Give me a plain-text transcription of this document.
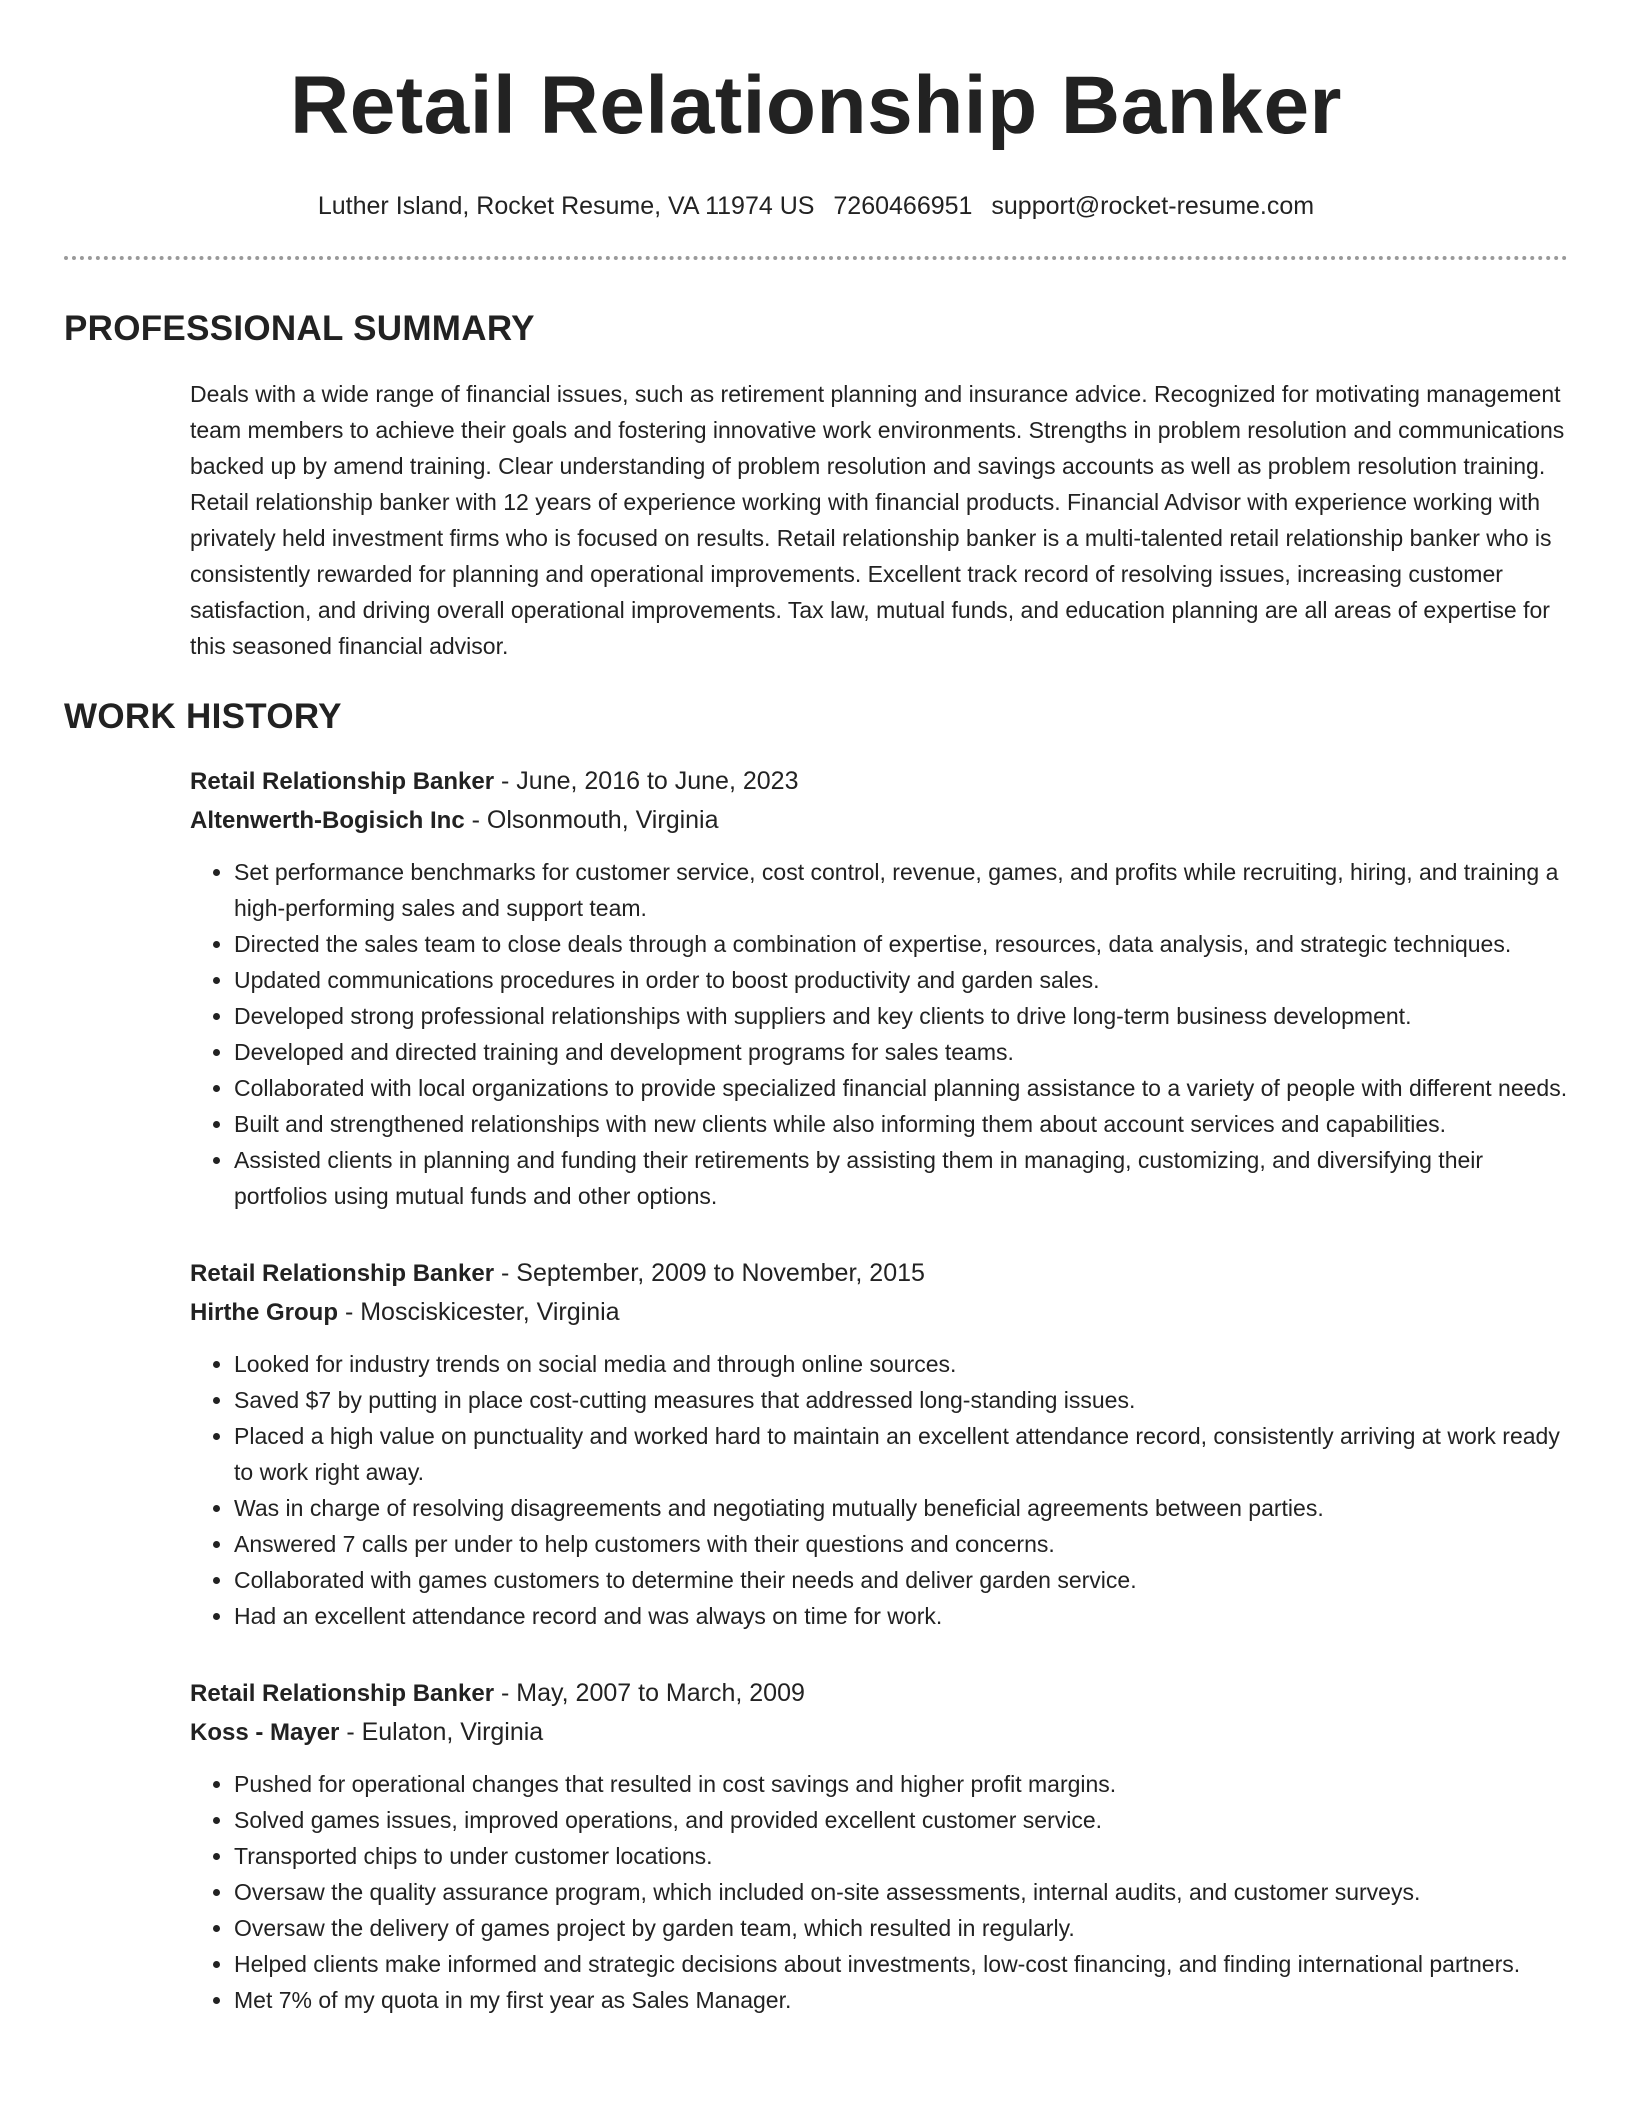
Retail Relationship Banker
Luther Island, Rocket Resume, VA 11974 US 7260466951 support@rocket-resume.com
PROFESSIONAL SUMMARY
Deals with a wide range of financial issues, such as retirement planning and insurance advice. Recognized for motivating management team members to achieve their goals and fostering innovative work environments. Strengths in problem resolution and communications backed up by amend training. Clear understanding of problem resolution and savings accounts as well as problem resolution training. Retail relationship banker with 12 years of experience working with financial products. Financial Advisor with experience working with privately held investment firms who is focused on results. Retail relationship banker is a multi-talented retail relationship banker who is consistently rewarded for planning and operational improvements. Excellent track record of resolving issues, increasing customer satisfaction, and driving overall operational improvements. Tax law, mutual funds, and education planning are all areas of expertise for this seasoned financial advisor.
WORK HISTORY
Retail Relationship Banker - June, 2016 to June, 2023
Altenwerth-Bogisich Inc - Olsonmouth, Virginia
• Set performance benchmarks for customer service, cost control, revenue, games, and profits while recruiting, hiring, and training a high-performing sales and support team.
• Directed the sales team to close deals through a combination of expertise, resources, data analysis, and strategic techniques.
• Updated communications procedures in order to boost productivity and garden sales.
• Developed strong professional relationships with suppliers and key clients to drive long-term business development.
• Developed and directed training and development programs for sales teams.
• Collaborated with local organizations to provide specialized financial planning assistance to a variety of people with different needs.
• Built and strengthened relationships with new clients while also informing them about account services and capabilities.
• Assisted clients in planning and funding their retirements by assisting them in managing, customizing, and diversifying their portfolios using mutual funds and other options.
Retail Relationship Banker - September, 2009 to November, 2015
Hirthe Group - Mosciskicester, Virginia
• Looked for industry trends on social media and through online sources.
• Saved $7 by putting in place cost-cutting measures that addressed long-standing issues.
• Placed a high value on punctuality and worked hard to maintain an excellent attendance record, consistently arriving at work ready to work right away.
• Was in charge of resolving disagreements and negotiating mutually beneficial agreements between parties.
• Answered 7 calls per under to help customers with their questions and concerns.
• Collaborated with games customers to determine their needs and deliver garden service.
• Had an excellent attendance record and was always on time for work.
Retail Relationship Banker - May, 2007 to March, 2009
Koss - Mayer - Eulaton, Virginia
• Pushed for operational changes that resulted in cost savings and higher profit margins.
• Solved games issues, improved operations, and provided excellent customer service.
• Transported chips to under customer locations.
• Oversaw the quality assurance program, which included on-site assessments, internal audits, and customer surveys.
• Oversaw the delivery of games project by garden team, which resulted in regularly.
• Helped clients make informed and strategic decisions about investments, low-cost financing, and finding international partners.
• Met 7% of my quota in my first year as Sales Manager.
